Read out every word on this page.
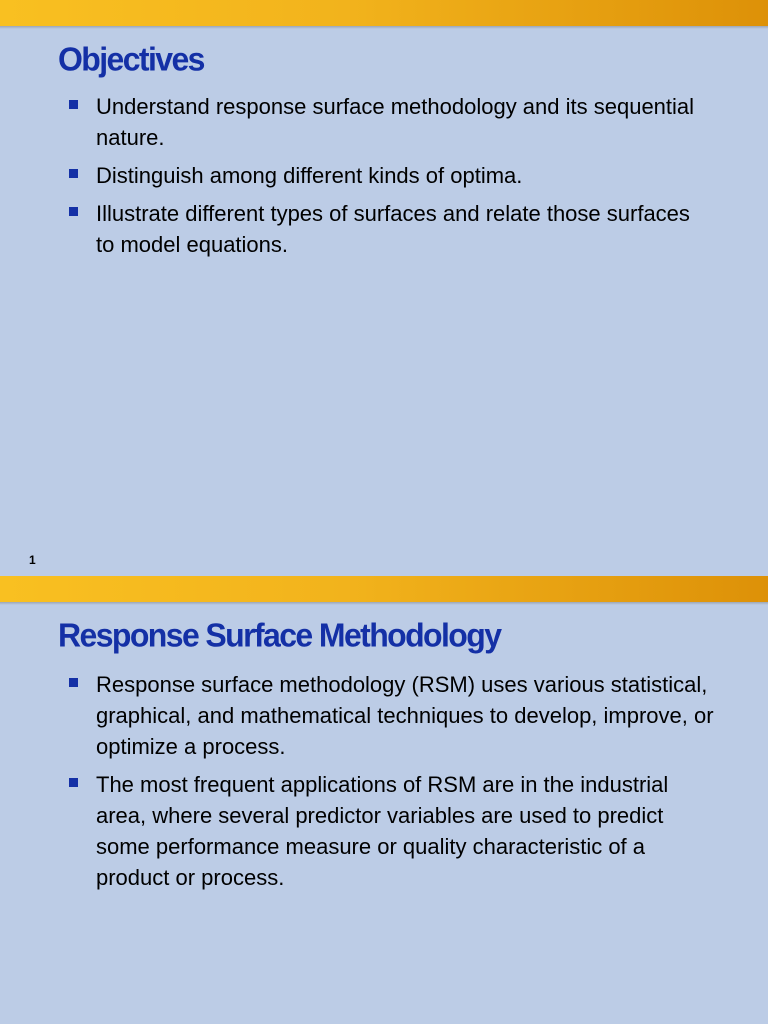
Objectives
Understand response surface methodology and its sequential nature.
Distinguish among different kinds of optima.
Illustrate different types of surfaces and relate those surfaces to model equations.
1
Response Surface Methodology
Response surface methodology (RSM) uses various statistical, graphical, and mathematical techniques to develop, improve, or optimize a process.
The most frequent applications of RSM are in the industrial area, where several predictor variables are used to predict some performance measure or quality characteristic of a product or process.
